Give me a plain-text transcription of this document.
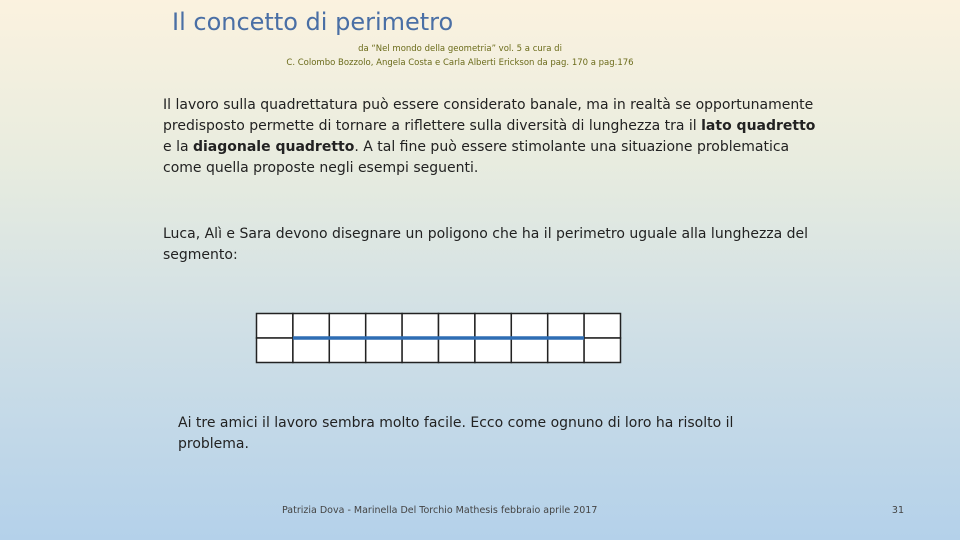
Il concetto di perimetro
da “Nel mondo della geometria” vol. 5 a cura di
C. Colombo Bozzolo, Angela Costa e Carla Alberti Erickson da pag. 170 a pag.176
Il lavoro sulla quadrettatura può essere considerato banale, ma in realtà se opportunamente predisposto permette di tornare a riflettere sulla diversità di lunghezza tra il lato quadretto e la diagonale quadretto. A tal fine può essere stimolante una situazione problematica come quella proposte negli esempi seguenti.
Luca, Alì e Sara devono disegnare un poligono che ha il perimetro uguale alla lunghezza del segmento:
Ai tre amici il lavoro sembra molto facile. Ecco come ognuno di loro ha risolto il problema.
Patrizia Dova - Marinella Del Torchio Mathesis febbraio aprile 2017	31
